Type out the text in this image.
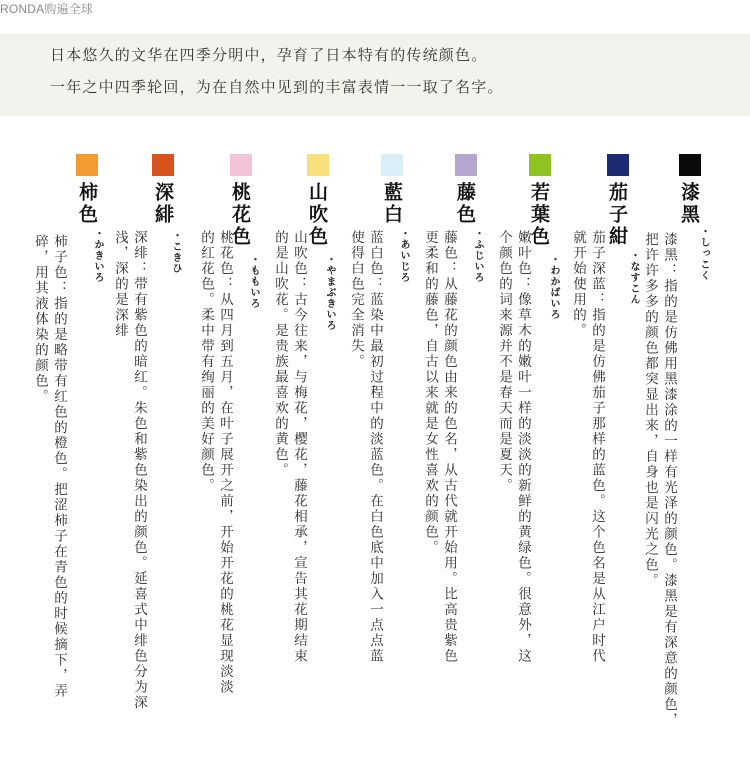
RONDA购遍全球
日本悠久的文华在四季分明中，孕育了日本特有的传统颜色。
一年之中四季轮回，为在自然中见到的丰富表情一一取了名字。
漆黑
・しっこく

漆黑：指的是仿佛用黑漆涂的一样有光泽的颜色。漆黑是有深意的颜色，

把许许多多的颜色都突显出来，自身也是闪光之色。

茄子紺
・なすこん

茄子深蓝：指的是仿佛茄子那样的蓝色。这个色名是从江户时代

就开始使用的。

若葉色
・わかばいろ

嫩叶色：像草木的嫩叶一样的淡淡的新鲜的黄绿色。很意外，这

个颜色的词来源并不是春天而是夏天。

藤色
・ふじいろ

藤色：从藤花的颜色由来的色名，从古代就开始用。比高贵紫色

更柔和的藤色，自古以来就是女性喜欢的颜色。

藍白
・あいじろ

蓝白色：蓝染中最初过程中的淡蓝色。在白色底中加入一点点蓝

使得白色完全消失。

山吹色
・やまぶきいろ

山吹色：古今往来，与梅花，樱花，藤花相承，宣告其花期结束

的是山吹花。是贵族最喜欢的黄色。

桃花色
・ももいろ

桃花色：从四月到五月，在叶子展开之前，开始开花的桃花显现淡淡

的红花色。柔中带有绚丽的美好颜色。

深緋
・こきひ

深绯：带有紫色的暗红。朱色和紫色染出的颜色。延喜式中绯色分为深

浅，深的是深绯

柿色
・かきいろ

柿子色：指的是略带有红色的橙色。把涩柿子在青色的时候摘下，弄

碎，用其液体染的颜色。
